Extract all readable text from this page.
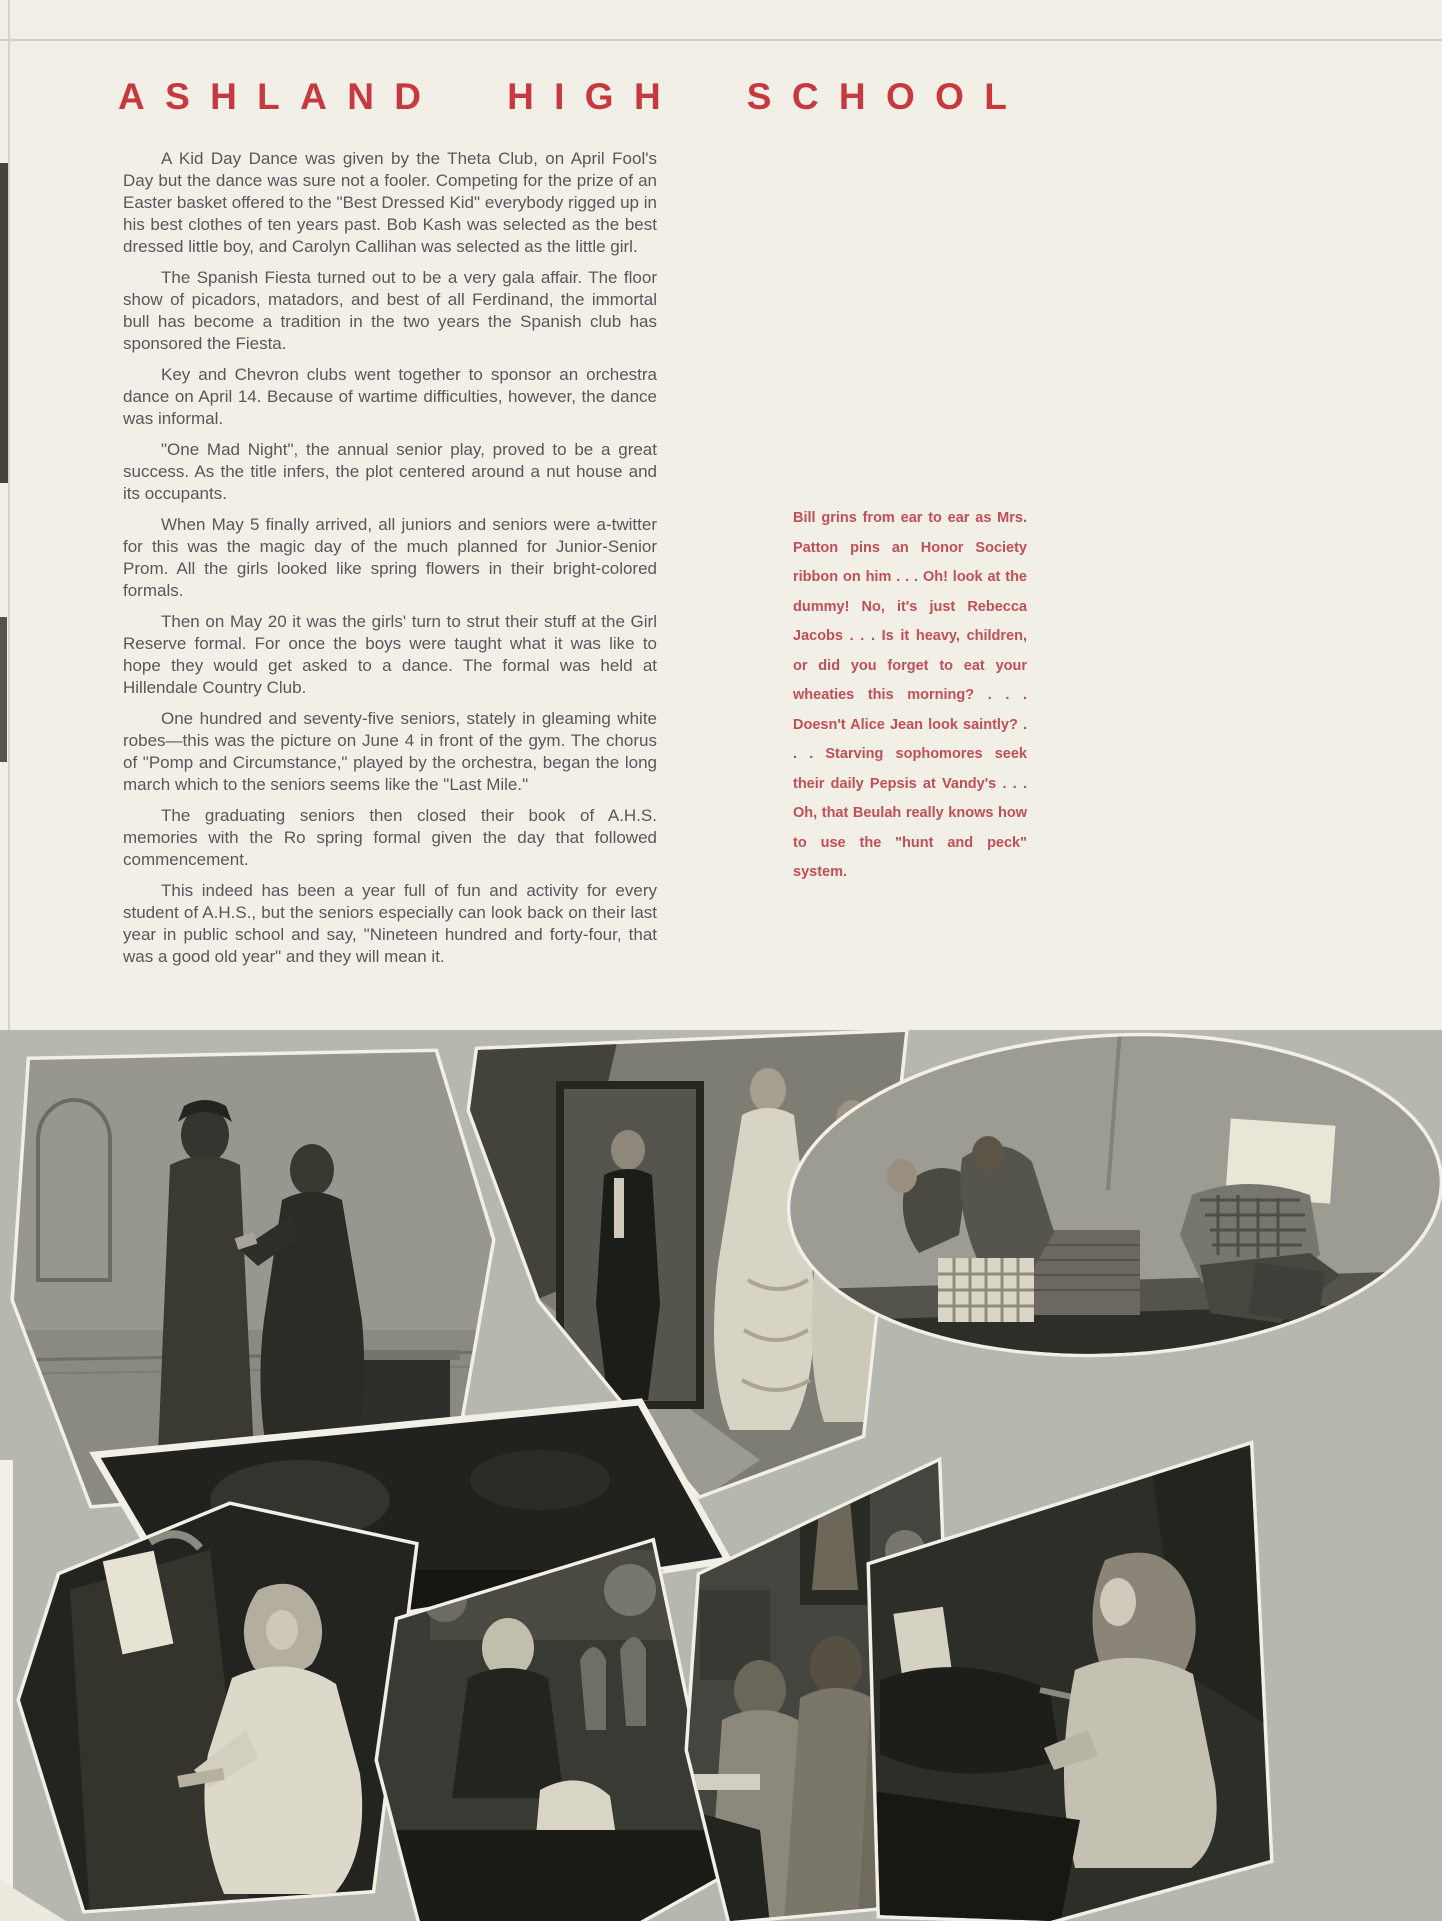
ASHLAND HIGH SCHOOL

A Kid Day Dance was given by the Theta Club, on April Fool's Day but the dance was sure not a fooler. Competing for the prize of an Easter basket offered to the "Best Dressed Kid" everybody rigged up in his best clothes of ten years past. Bob Kash was selected as the best dressed little boy, and Carolyn Callihan was selected as the little girl.

The Spanish Fiesta turned out to be a very gala affair. The floor show of picadors, matadors, and best of all Ferdinand, the immortal bull has become a tradition in the two years the Spanish club has sponsored the Fiesta.

Key and Chevron clubs went together to sponsor an orchestra dance on April 14. Because of wartime difficulties, however, the dance was informal.

"One Mad Night", the annual senior play, proved to be a great success. As the title infers, the plot centered around a nut house and its occupants.

When May 5 finally arrived, all juniors and seniors were a-twitter for this was the magic day of the much planned for Junior-Senior Prom. All the girls looked like spring flowers in their bright-colored formals.

Then on May 20 it was the girls' turn to strut their stuff at the Girl Reserve formal. For once the boys were taught what it was like to hope they would get asked to a dance. The formal was held at Hillendale Country Club.

One hundred and seventy-five seniors, stately in gleaming white robes—this was the picture on June 4 in front of the gym. The chorus of "Pomp and Circumstance," played by the orchestra, began the long march which to the seniors seems like the "Last Mile."

The graduating seniors then closed their book of A.H.S. memories with the Ro spring formal given the day that followed commencement.

This indeed has been a year full of fun and activity for every student of A.H.S., but the seniors especially can look back on their last year in public school and say, "Nineteen hundred and forty-four, that was a good old year" and they will mean it.

Bill grins from ear to ear as Mrs. Patton pins an Honor Society ribbon on him . . . Oh! look at the dummy! No, it's just Rebecca Jacobs . . . Is it heavy, children, or did you forget to eat your wheaties this morning? . . . Doesn't Alice Jean look saintly? . . . Starving sophomores seek their daily Pepsis at Vandy's . . . Oh, that Beulah really knows how to use the "hunt and peck" system.
